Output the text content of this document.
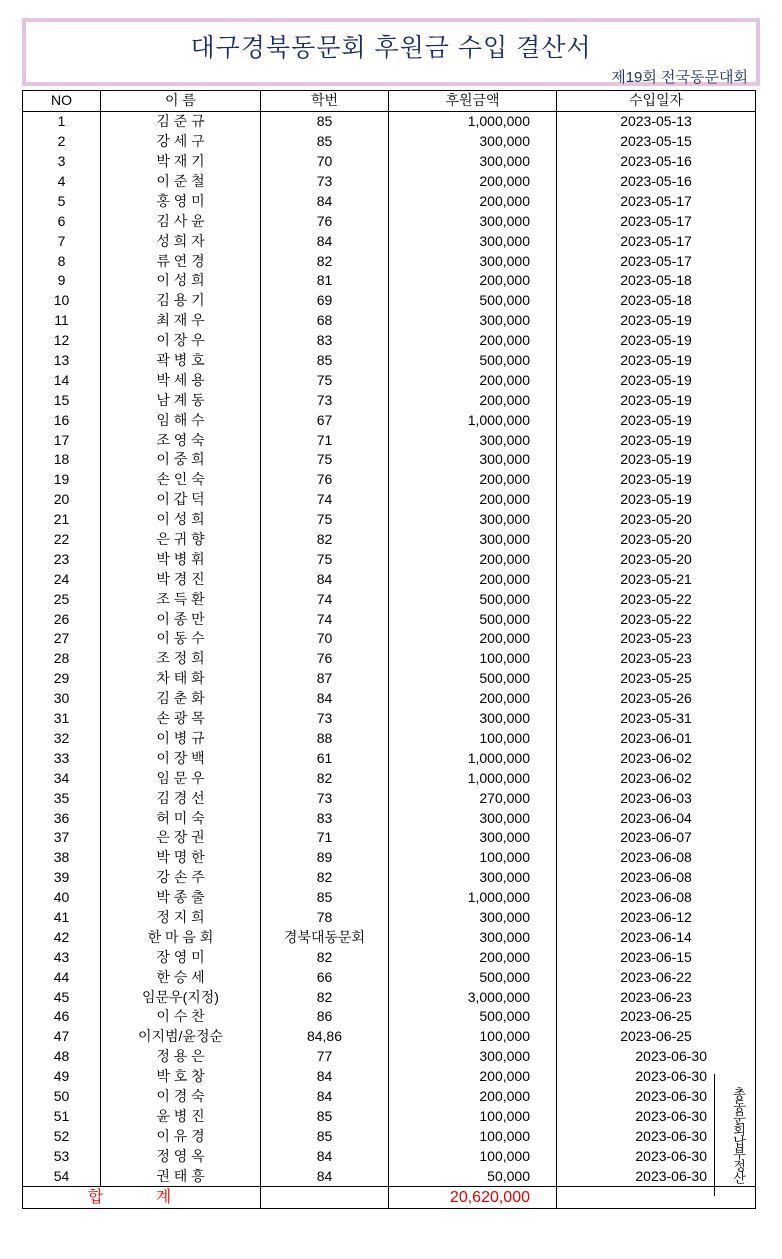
대구경북동문회 후원금 수입 결산서
제19회 전국동문대회
NO	이 름	학번	후원금액	수입일자
1	김 준 규	85	1,000,000	2023-05-13
2	강 세 구	85	300,000	2023-05-15
3	박 재 기	70	300,000	2023-05-16
4	이 준 철	73	200,000	2023-05-16
5	홍 영 미	84	200,000	2023-05-17
6	김 사 윤	76	300,000	2023-05-17
7	성 희 자	84	300,000	2023-05-17
8	류 연 경	82	300,000	2023-05-17
9	이 성 희	81	200,000	2023-05-18
10	김 용 기	69	500,000	2023-05-18
11	최 재 우	68	300,000	2023-05-19
12	이 장 우	83	200,000	2023-05-19
13	곽 병 호	85	500,000	2023-05-19
14	박 세 용	75	200,000	2023-05-19
15	남 계 동	73	200,000	2023-05-19
16	임 해 수	67	1,000,000	2023-05-19
17	조 영 숙	71	300,000	2023-05-19
18	이 중 희	75	300,000	2023-05-19
19	손 인 숙	76	200,000	2023-05-19
20	이 갑 덕	74	200,000	2023-05-19
21	이 성 희	75	300,000	2023-05-20
22	은 귀 향	82	300,000	2023-05-20
23	박 병 휘	75	200,000	2023-05-20
24	박 경 진	84	200,000	2023-05-21
25	조 득 환	74	500,000	2023-05-22
26	이 종 만	74	500,000	2023-05-22
27	이 동 수	70	200,000	2023-05-23
28	조 정 희	76	100,000	2023-05-23
29	차 태 화	87	500,000	2023-05-25
30	김 춘 화	84	200,000	2023-05-26
31	손 광 목	73	300,000	2023-05-31
32	이 병 규	88	100,000	2023-06-01
33	이 장 백	61	1,000,000	2023-06-02
34	임 문 우	82	1,000,000	2023-06-02
35	김 경 선	73	270,000	2023-06-03
36	허 미 숙	83	300,000	2023-06-04
37	은 장 권	71	300,000	2023-06-07
38	박 명 한	89	100,000	2023-06-08
39	강 손 주	82	300,000	2023-06-08
40	박 종 출	85	1,000,000	2023-06-08
41	정 지 희	78	300,000	2023-06-12
42	한 마 음 회	경북대동문회	300,000	2023-06-14
43	장 영 미	82	200,000	2023-06-15
44	한 승 세	66	500,000	2023-06-22
45	임문우(지정)	82	3,000,000	2023-06-23
46	이 수 찬	86	500,000	2023-06-25
47	이지범/윤정순	84,86	100,000	2023-06-25
48	정 용 은	77	300,000	2023-06-30
49	박 호 창	84	200,000	2023-06-30
50	이 경 숙	84	200,000	2023-06-30
51	윤 병 진	85	100,000	2023-06-30
52	이 유 경	85	100,000	2023-06-30
53	정 영 옥	84	100,000	2023-06-30
54	권 태 흥	84	50,000	2023-06-30
합 계			20,620,000	
총동문회납부정산
